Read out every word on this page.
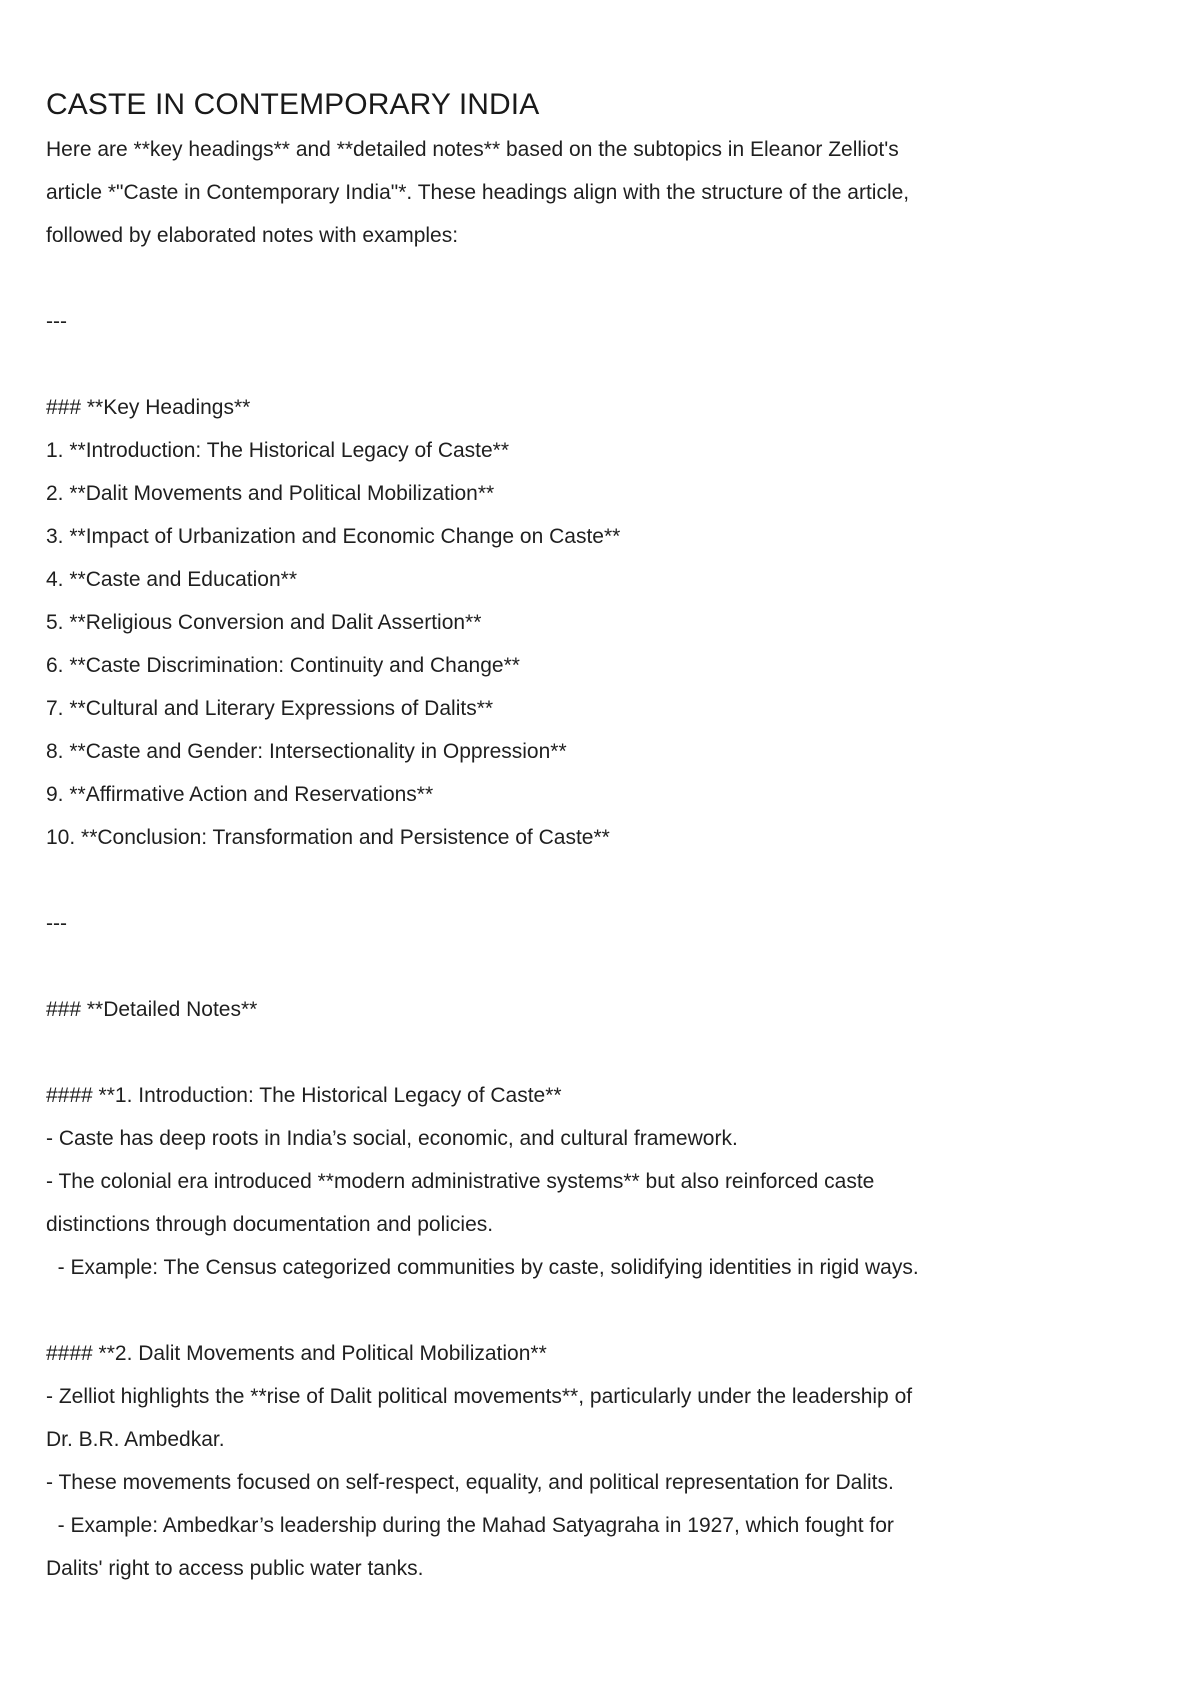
CASTE IN CONTEMPORARY INDIA

Here are **key headings** and **detailed notes** based on the subtopics in Eleanor Zelliot's

article *"Caste in Contemporary India"*. These headings align with the structure of the article,

followed by elaborated notes with examples:

---

### **Key Headings**

1. **Introduction: The Historical Legacy of Caste**

2. **Dalit Movements and Political Mobilization**

3. **Impact of Urbanization and Economic Change on Caste**

4. **Caste and Education**

5. **Religious Conversion and Dalit Assertion**

6. **Caste Discrimination: Continuity and Change**

7. **Cultural and Literary Expressions of Dalits**

8. **Caste and Gender: Intersectionality in Oppression**

9. **Affirmative Action and Reservations**

10. **Conclusion: Transformation and Persistence of Caste**

---

### **Detailed Notes**

#### **1. Introduction: The Historical Legacy of Caste**

- Caste has deep roots in India’s social, economic, and cultural framework.

- The colonial era introduced **modern administrative systems** but also reinforced caste

distinctions through documentation and policies.

- Example: The Census categorized communities by caste, solidifying identities in rigid ways.

#### **2. Dalit Movements and Political Mobilization**

- Zelliot highlights the **rise of Dalit political movements**, particularly under the leadership of

Dr. B.R. Ambedkar.

- These movements focused on self-respect, equality, and political representation for Dalits.

- Example: Ambedkar’s leadership during the Mahad Satyagraha in 1927, which fought for

Dalits' right to access public water tanks.
